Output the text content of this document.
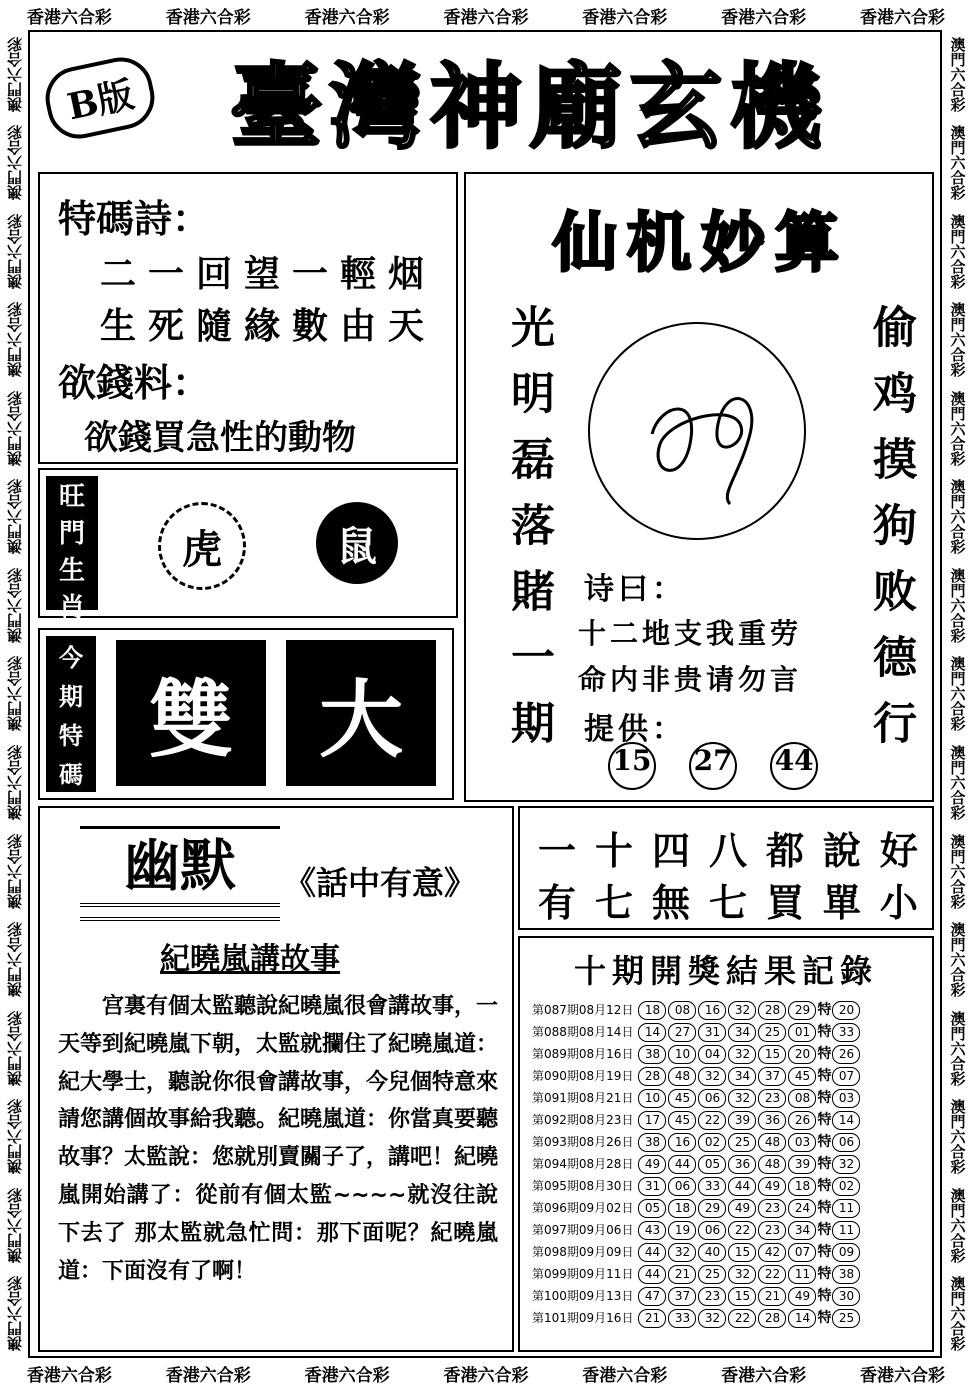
香港六合彩	香港六合彩	香港六合彩	香港六合彩	香港六合彩	香港六合彩	香港六合彩
香港六合彩	香港六合彩	香港六合彩	香港六合彩	香港六合彩	香港六合彩	香港六合彩
澳門六合彩
澳門六合彩
澳門六合彩
澳門六合彩
澳門六合彩
澳門六合彩
澳門六合彩
澳門六合彩
澳門六合彩
澳門六合彩
澳門六合彩
澳門六合彩
澳門六合彩
澳門六合彩
澳門六合彩
澳門六合彩
澳門六合彩
澳門六合彩
澳門六合彩
澳門六合彩
澳門六合彩
澳門六合彩
澳門六合彩
澳門六合彩
澳門六合彩
澳門六合彩
澳門六合彩
澳門六合彩
澳門六合彩
澳門六合彩
B版	臺灣神廟玄機
特碼詩：
二一回望一輕烟
生死隨緣數由天
欲錢料：
欲錢買急性的動物
旺
門
生
肖
虎	鼠
今
期
特
碼
雙 大
仙机妙算
光明磊落賭一期	偷鸡摸狗败德行
诗曰：
十二地支我重劳
命内非贵请勿言
提供：
15 27 44
幽默	《話中有意》
紀曉嵐講故事
宫裏有個太監聽說紀曉嵐很會講故事，一天等到紀曉嵐下朝，太監就攔住了紀曉嵐道：紀大學士，聽說你很會講故事，今兒個特意來請您講個故事給我聽。紀曉嵐道：你當真要聽故事？太監說：您就別賣關子了，講吧！紀曉嵐開始講了：從前有個太監~~~~就沒往說下去了 那太監就急忙問：那下面呢？紀曉嵐道：下面沒有了啊！
一 十 四 八 都 說 好
有 七 無 七 買 單 小
十期開獎結果記錄
第087期08月12日	18 08 16 32 28 29 特 20
第088期08月14日	14 27 31 34 25 01 特 33
第089期08月16日	38 10 04 32 15 20 特 26
第090期08月19日	28 48 32 34 37 45 特 07
第091期08月21日	10 45 06 32 23 08 特 03
第092期08月23日	17 45 22 39 36 26 特 14
第093期08月26日	38 16 02 25 48 03 特 06
第094期08月28日	49 44 05 36 48 39 特 32
第095期08月30日	31 06 33 44 49 18 特 02
第096期09月02日	05 18 29 49 23 24 特 11
第097期09月06日	43 19 06 22 23 34 特 11
第098期09月09日	44 32 40 15 42 07 特 09
第099期09月11日	44 21 25 32 22 11 特 38
第100期09月13日	47 37 23 15 21 49 特 30
第101期09月16日	21 33 32 22 28 14 特 25
